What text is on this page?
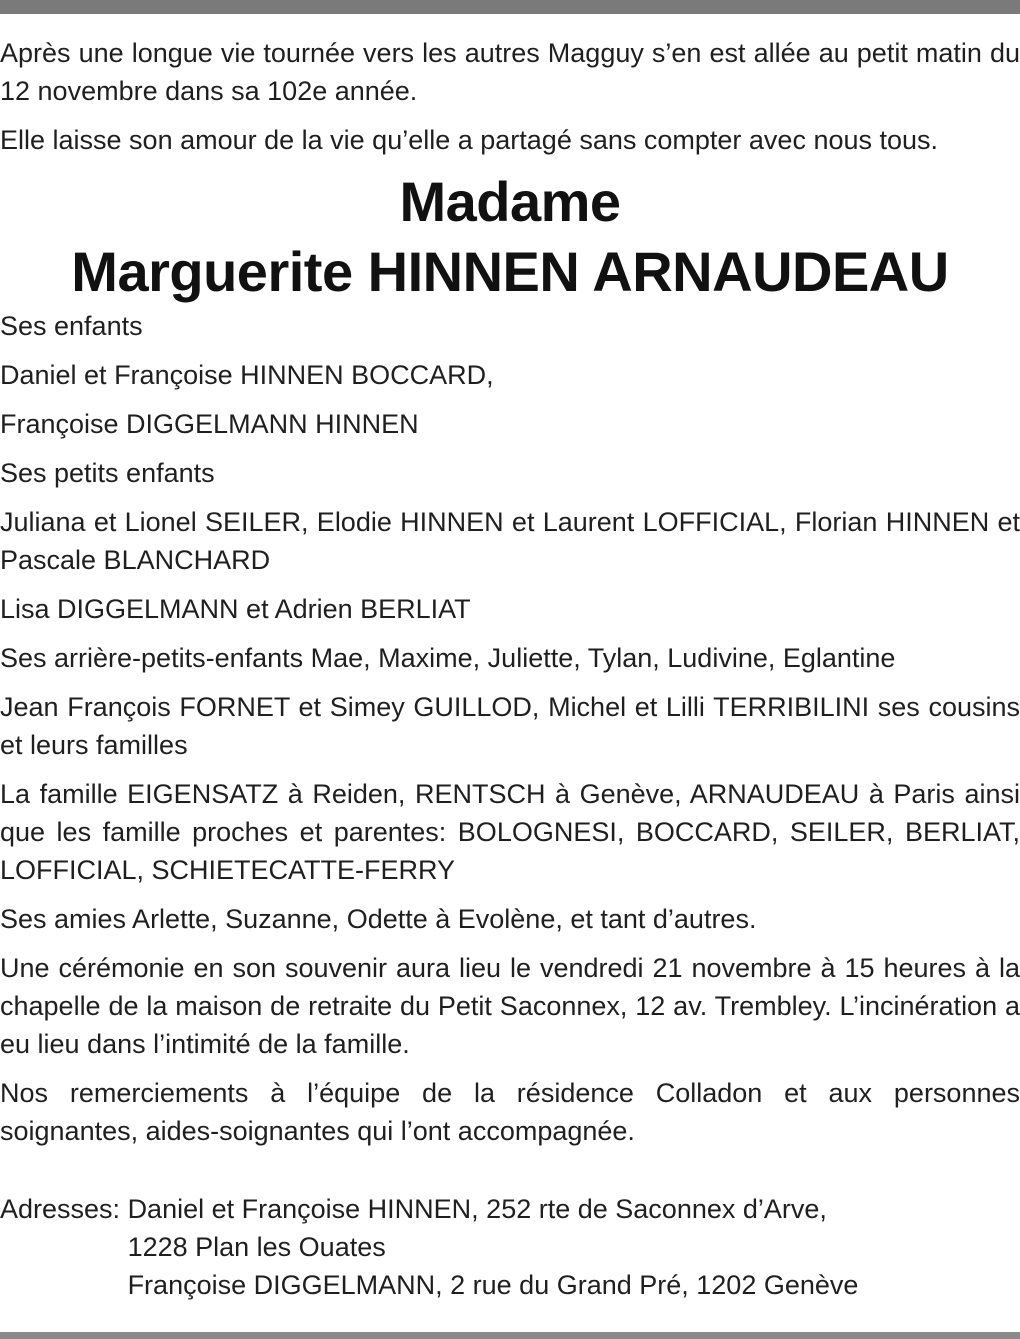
Après une longue vie tournée vers les autres Magguy s’en est allée au petit matin du 12 novembre dans sa 102e année.

Elle laisse son amour de la vie qu’elle a partagé sans compter avec nous tous.

Madame
Marguerite HINNEN ARNAUDEAU

Ses enfants

Daniel et Françoise HINNEN BOCCARD,

Françoise DIGGELMANN HINNEN

Ses petits enfants

Juliana et Lionel SEILER, Elodie HINNEN et Laurent LOFFICIAL, Florian HINNEN et Pascale BLANCHARD

Lisa DIGGELMANN et Adrien BERLIAT

Ses arrière-petits-enfants Mae, Maxime, Juliette, Tylan, Ludivine, Eglantine

Jean François FORNET et Simey GUILLOD, Michel et Lilli TERRIBILINI ses cousins et leurs familles

La famille EIGENSATZ à Reiden, RENTSCH à Genève, ARNAUDEAU à Paris ainsi que les famille proches et parentes: BOLOGNESI, BOCCARD, SEILER, BERLIAT, LOFFICIAL, SCHIETECATTE-FERRY

Ses amies Arlette, Suzanne, Odette à Evolène, et tant d’autres.

Une cérémonie en son souvenir aura lieu le vendredi 21 novembre à 15 heures à la chapelle de la maison de retraite du Petit Saconnex, 12 av. Trembley. L’incinération a eu lieu dans l’intimité de la famille.

Nos remerciements à l’équipe de la résidence Colladon et aux personnes soignantes, aides-soignantes qui l’ont accompagnée.

Adresses: Daniel et Françoise HINNEN, 252 rte de Saconnex d’Arve,
1228 Plan les Ouates
Françoise DIGGELMANN, 2 rue du Grand Pré, 1202 Genève
